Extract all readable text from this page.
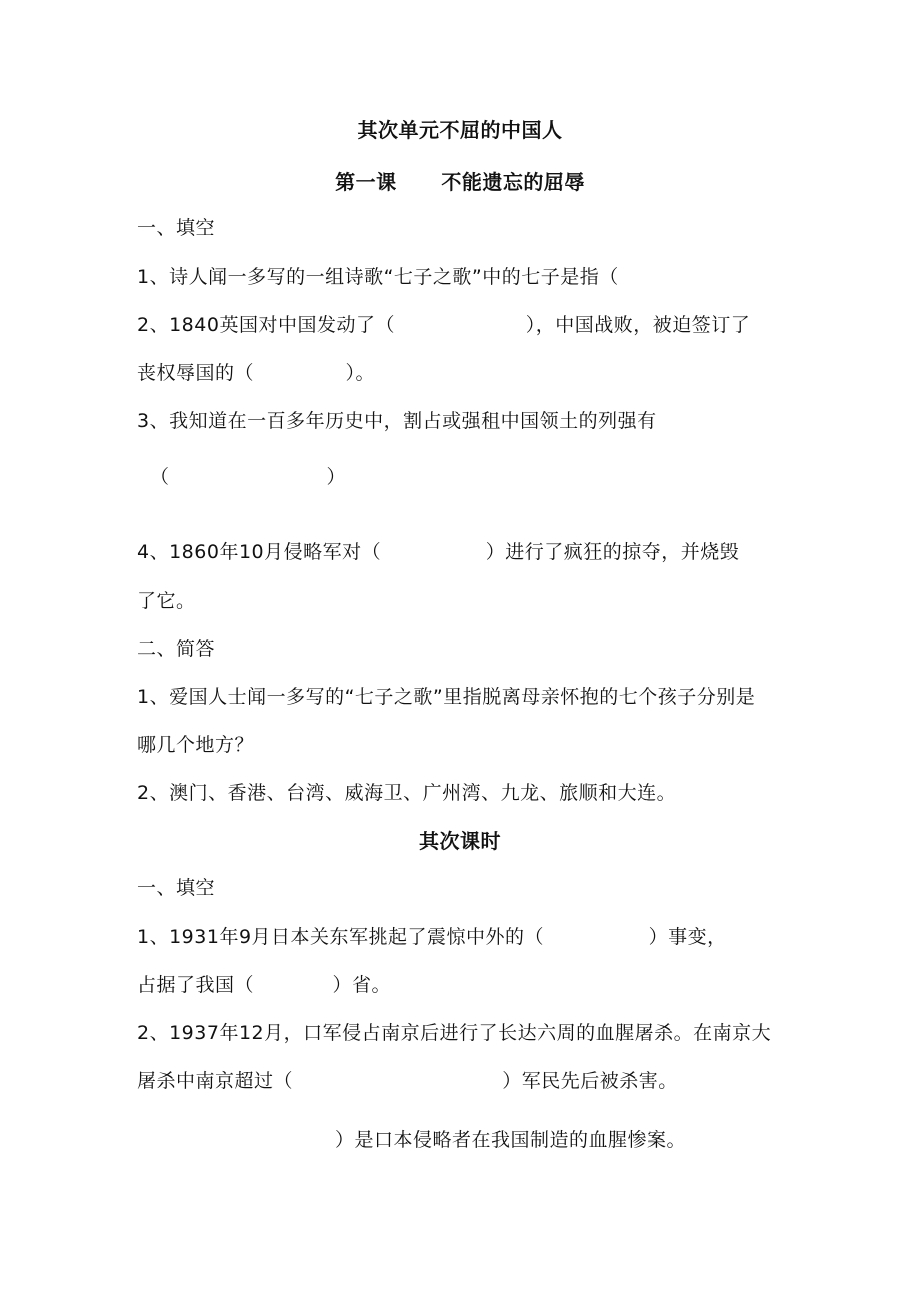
其次单元不屈的中国人
第一课      不能遗忘的屈辱
一、填空
1、诗人闻一多写的一组诗歌“七子之歌”中的七子是指（
2、1840英国对中国发动了（                    ），中国战败，被迫签订了
丧权辱国的（              ）。
3、我知道在一百多年历史中，割占或强租中国领土的列强有
（                        ）
4、1860年10月侵略军对（                ）进行了疯狂的掠夺，并烧毁
了它。
二、简答
1、爱国人士闻一多写的“七子之歌”里指脱离母亲怀抱的七个孩子分别是
哪几个地方？
2、澳门、香港、台湾、威海卫、广州湾、九龙、旅顺和大连。
其次课时
一、填空
1、1931年9月日本关东军挑起了震惊中外的（                ）事变，
占据了我国（            ）省。
2、1937年12月，口军侵占南京后进行了长达六周的血腥屠杀。在南京大
屠杀中南京超过（                                ）军民先后被杀害。
）是口本侵略者在我国制造的血腥惨案。
